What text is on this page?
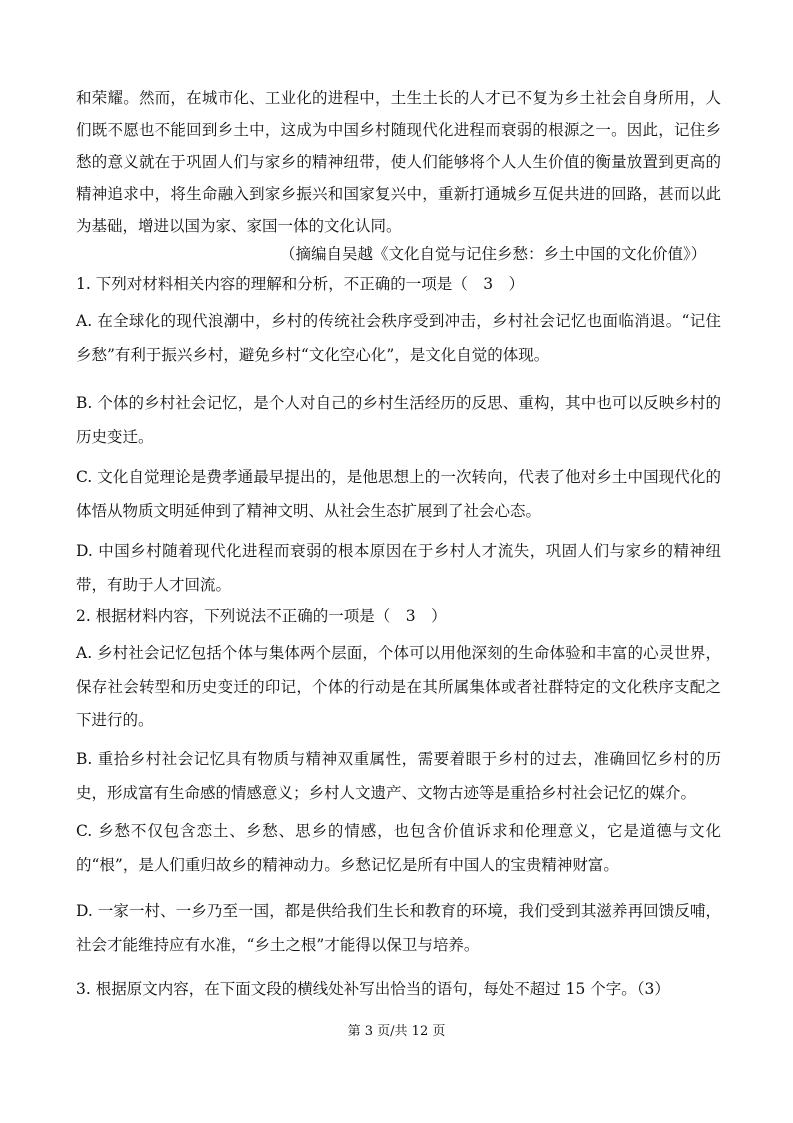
和荣耀。然而，在城市化、工业化的进程中，土生土长的人才已不复为乡土社会自身所用，人们既不愿也不能回到乡土中，这成为中国乡村随现代化进程而衰弱的根源之一。因此，记住乡愁的意义就在于巩固人们与家乡的精神纽带，使人们能够将个人人生价值的衡量放置到更高的精神追求中，将生命融入到家乡振兴和国家复兴中，重新打通城乡互促共进的回路，甚而以此为基础，增进以国为家、家国一体的文化认同。

（摘编自吴越《文化自觉与记住乡愁：乡土中国的文化价值》）

1. 下列对材料相关内容的理解和分析，不正确的一项是（　3　）

A. 在全球化的现代浪潮中，乡村的传统社会秩序受到冲击，乡村社会记忆也面临消退。“记住乡愁”有利于振兴乡村，避免乡村“文化空心化”，是文化自觉的体现。

B. 个体的乡村社会记忆，是个人对自己的乡村生活经历的反思、重构，其中也可以反映乡村的历史变迁。

C. 文化自觉理论是费孝通最早提出的，是他思想上的一次转向，代表了他对乡土中国现代化的体悟从物质文明延伸到了精神文明、从社会生态扩展到了社会心态。

D. 中国乡村随着现代化进程而衰弱的根本原因在于乡村人才流失，巩固人们与家乡的精神纽带，有助于人才回流。

2. 根据材料内容，下列说法不正确的一项是（　3　）

A. 乡村社会记忆包括个体与集体两个层面，个体可以用他深刻的生命体验和丰富的心灵世界，保存社会转型和历史变迁的印记，个体的行动是在其所属集体或者社群特定的文化秩序支配之下进行的。

B. 重拾乡村社会记忆具有物质与精神双重属性，需要着眼于乡村的过去，准确回忆乡村的历史，形成富有生命感的情感意义；乡村人文遗产、文物古迹等是重拾乡村社会记忆的媒介。

C. 乡愁不仅包含恋土、乡愁、思乡的情感，也包含价值诉求和伦理意义，它是道德与文化的“根”，是人们重归故乡的精神动力。乡愁记忆是所有中国人的宝贵精神财富。

D. 一家一村、一乡乃至一国，都是供给我们生长和教育的环境，我们受到其滋养再回馈反哺，社会才能维持应有水准，“乡土之根”才能得以保卫与培养。

3. 根据原文内容，在下面文段的横线处补写出恰当的语句，每处不超过 15 个字。（3）

第 3 页/共 12 页
